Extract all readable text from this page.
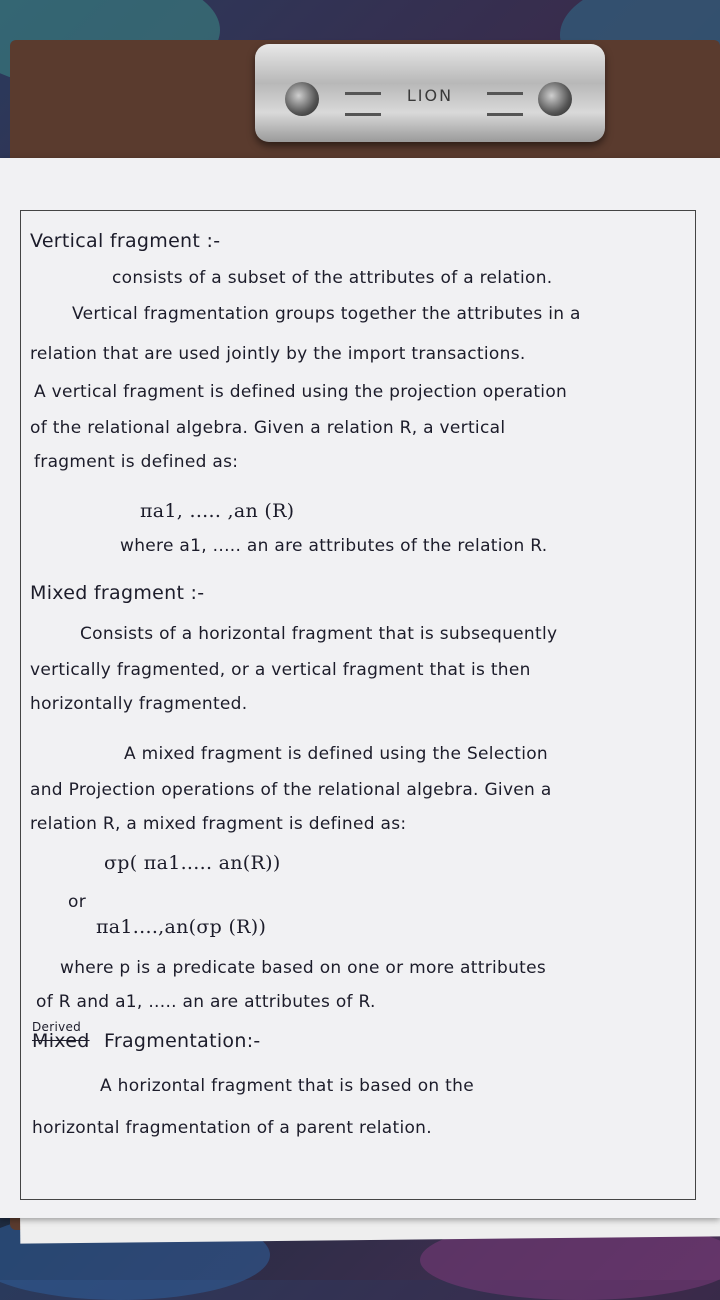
LION
Vertical fragment :-
consists of a subset of the attributes of a relation.
Vertical fragmentation groups together the attributes in a
relation that are used jointly by the import transactions.
A vertical fragment is defined using the projection operation
of the relational algebra. Given a relation R, a vertical
fragment is defined as:
πa1, ..... ,an (R)
where a1, ..... an are attributes of the relation R.
Mixed fragment :-
Consists of a horizontal fragment that is subsequently
vertically fragmented, or a vertical fragment that is then
horizontally fragmented.
A mixed fragment is defined using the Selection
and Projection operations of the relational algebra. Given a
relation R, a mixed fragment is defined as:
σp( πa1..... an(R))
or
πa1....,an(σp (R))
where p is a predicate based on one or more attributes
of R and a1, ..... an are attributes of R.
Derived
Mixed Fragmentation:-
A horizontal fragment that is based on the
horizontal fragmentation of a parent relation.
